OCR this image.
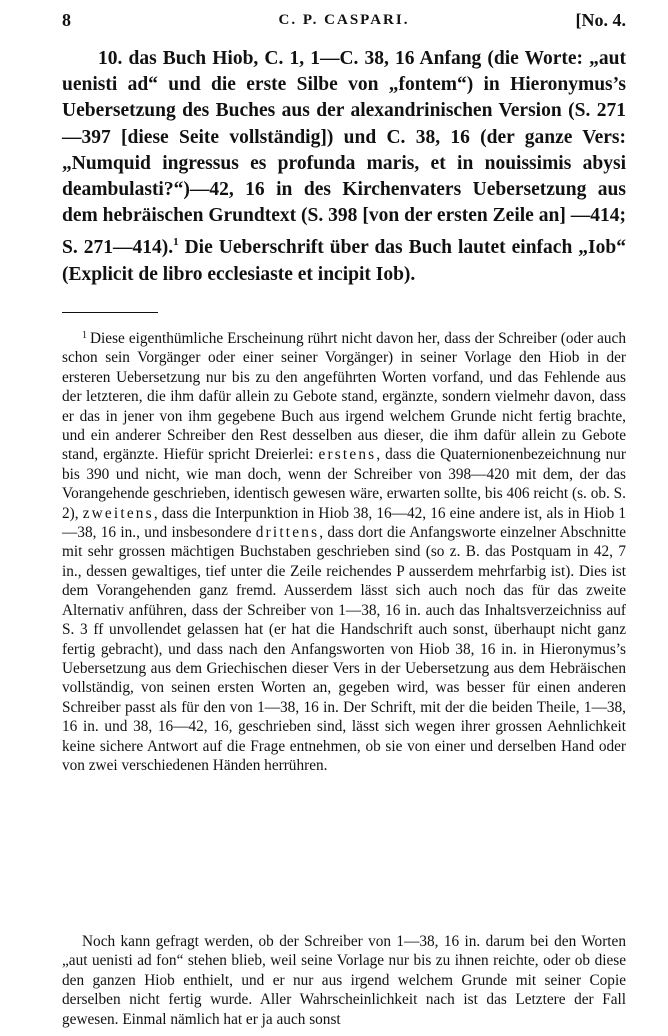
8	C. P. CASPARI.	[No. 4.

10. das Buch Hiob, C. 1, 1—C. 38, 16 Anfang (die Worte: „aut uenisti ad“ und die erste Silbe von „fontem“) in Hieronymus’s Uebersetzung des Buches aus der alexandrinischen Version (S. 271—397 [diese Seite vollständig]) und C. 38, 16 (der ganze Vers: „Numquid ingressus es profunda maris, et in nouissimis abysi deambulasti?“)—42, 16 in des Kirchenvaters Uebersetzung aus dem hebräischen Grundtext (S. 398 [von der ersten Zeile an] —414; S. 271—414).$^1$ Die Ueberschrift über das Buch lautet einfach „Iob“ (Explicit de libro ecclesiaste et incipit Iob).

$^1$ Diese eigenthümliche Erscheinung rührt nicht davon her, dass der Schreiber (oder auch schon sein Vorgänger oder einer seiner Vorgänger) in seiner Vorlage den Hiob in der ersteren Uebersetzung nur bis zu den angeführten Worten vorfand, und das Fehlende aus der letzteren, die ihm dafür allein zu Gebote stand, ergänzte, sondern vielmehr davon, dass er das in jener von ihm gegebene Buch aus irgend welchem Grunde nicht fertig brachte, und ein anderer Schreiber den Rest desselben aus dieser, die ihm dafür allein zu Gebote stand, ergänzte. Hiefür spricht Dreierlei: erstens, dass die Quaternionenbezeichnung nur bis 390 und nicht, wie man doch, wenn der Schreiber von 398—420 mit dem, der das Vorangehende geschrieben, identisch gewesen wäre, erwarten sollte, bis 406 reicht (s. ob. S. 2), zweitens, dass die Interpunktion in Hiob 38, 16—42, 16 eine andere ist, als in Hiob 1—38, 16 in., und insbesondere drittens, dass dort die Anfangsworte einzelner Abschnitte mit sehr grossen mächtigen Buchstaben geschrieben sind (so z. B. das Postquam in 42, 7 in., dessen gewaltiges, tief unter die Zeile reichendes P ausserdem mehrfarbig ist). Dies ist dem Vorangehenden ganz fremd. Ausserdem lässt sich auch noch das für das zweite Alternativ anführen, dass der Schreiber von 1—38, 16 in. auch das Inhaltsverzeichniss auf S. 3 ff unvollendet gelassen hat (er hat die Handschrift auch sonst, überhaupt nicht ganz fertig gebracht), und dass nach den Anfangsworten von Hiob 38, 16 in. in Hieronymus’s Uebersetzung aus dem Griechischen dieser Vers in der Uebersetzung aus dem Hebräischen vollständig, von seinen ersten Worten an, gegeben wird, was besser für einen anderen Schreiber passt als für den von 1—38, 16 in. Der Schrift, mit der die beiden Theile, 1—38, 16 in. und 38, 16—42, 16, geschrieben sind, lässt sich wegen ihrer grossen Aehnlichkeit keine sichere Antwort auf die Frage entnehmen, ob sie von einer und derselben Hand oder von zwei verschiedenen Händen herrühren.

Noch kann gefragt werden, ob der Schreiber von 1—38, 16 in. darum bei den Worten „aut uenisti ad fon“ stehen blieb, weil seine Vorlage nur bis zu ihnen reichte, oder ob diese den ganzen Hiob enthielt, und er nur aus irgend welchem Grunde mit seiner Copie derselben nicht fertig wurde. Aller Wahrscheinlichkeit nach ist das Letztere der Fall gewesen. Einmal nämlich hat er ja auch sonst
